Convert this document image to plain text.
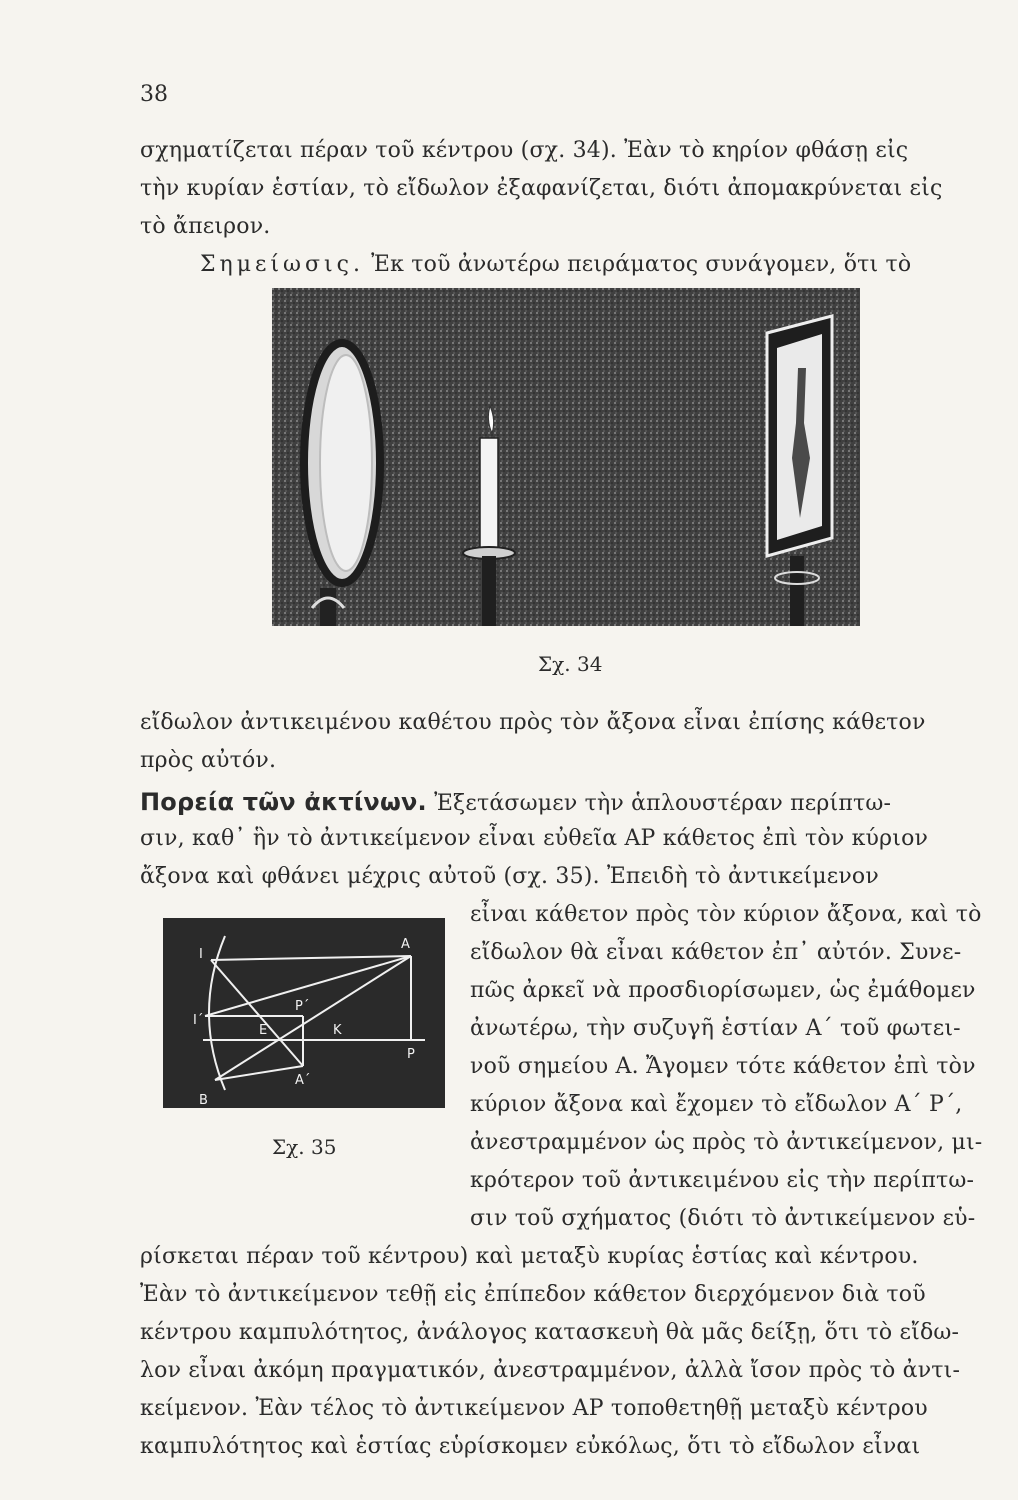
38
σχηματίζεται πέραν τοῦ κέντρου (σχ. 34). Ἐὰν τὸ κηρίον φθάσῃ εἰς
τὴν κυρίαν ἑστίαν, τὸ εἴδωλον ἐξαφανίζεται, διότι ἀπομακρύνεται εἰς
τὸ ἄπειρον.
Σημείωσις. Ἐκ τοῦ ἀνωτέρω πειράματος συνάγομεν, ὅτι τὸ
Σχ. 34
εἴδωλον ἀντικειμένου καθέτου πρὸς τὸν ἄξονα εἶναι ἐπίσης κάθετον
πρὸς αὐτόν.
Πορεία τῶν ἀκτίνων. Ἐξετάσωμεν τὴν ἁπλουστέραν περίπτω-
σιν, καθ᾽ ἣν τὸ ἀντικείμενον εἶναι εὐθεῖα ΑΡ κάθετος ἐπὶ τὸν κύριον
ἄξονα καὶ φθάνει μέχρις αὐτοῦ (σχ. 35). Ἐπειδὴ τὸ ἀντικείμενον
εἶναι κάθετον πρὸς τὸν κύριον ἄξονα, καὶ τὸ
εἴδωλον θὰ εἶναι κάθετον ἐπ᾽ αὐτόν. Συνε-
πῶς ἀρκεῖ νὰ προσδιορίσωμεν, ὡς ἐμάθομεν
ἀνωτέρω, τὴν συζυγῆ ἑστίαν Α΄ τοῦ φωτει-
νοῦ σημείου Α. Ἄγομεν τότε κάθετον ἐπὶ τὸν
κύριον ἄξονα καὶ ἔχομεν τὸ εἴδωλον Α΄ Ρ΄,
ἀνεστραμμένον ὡς πρὸς τὸ ἀντικείμενον, μι-
κρότερον τοῦ ἀντικειμένου εἰς τὴν περίπτω-
σιν τοῦ σχήματος (διότι τὸ ἀντικείμενον εὑ-
I
A
P΄
I΄
E	K
P
A΄
B
Σχ. 35
ρίσκεται πέραν τοῦ κέντρου) καὶ μεταξὺ κυρίας ἑστίας καὶ κέντρου.
Ἐὰν τὸ ἀντικείμενον τεθῇ εἰς ἐπίπεδον κάθετον διερχόμενον διὰ τοῦ
κέντρου καμπυλότητος, ἀνάλογος κατασκευὴ θὰ μᾶς δείξῃ, ὅτι τὸ εἴδω-
λον εἶναι ἀκόμη πραγματικόν, ἀνεστραμμένον, ἀλλὰ ἴσον πρὸς τὸ ἀντι-
κείμενον. Ἐὰν τέλος τὸ ἀντικείμενον ΑΡ τοποθετηθῇ μεταξὺ κέντρου
καμπυλότητος καὶ ἑστίας εὑρίσκομεν εὐκόλως, ὅτι τὸ εἴδωλον εἶναι
